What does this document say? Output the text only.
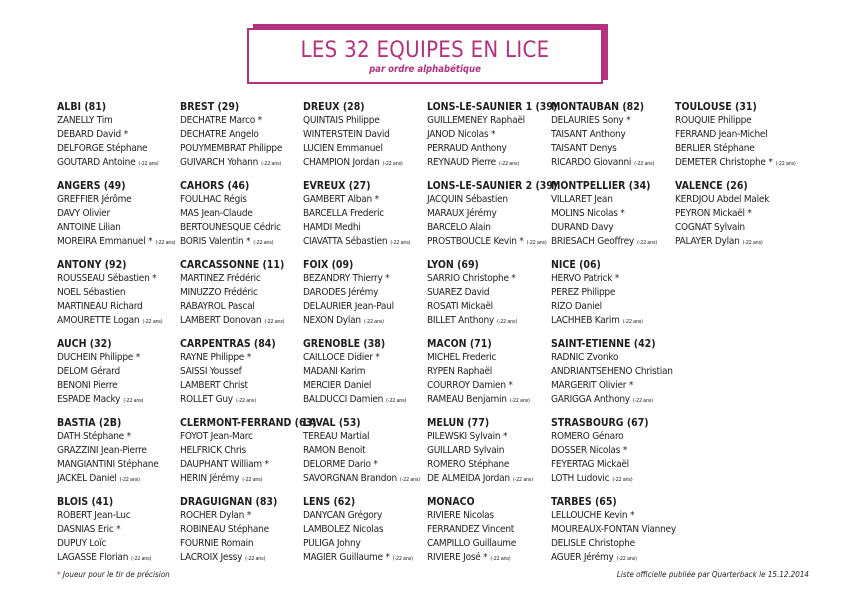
LES 32 EQUIPES EN LICE
par ordre alphabétique
ALBI (81)
ZANELLY Tim
DEBARD David *
DELFORGE Stéphane
GOUTARD Antoine (-22 ans)
ANGERS (49)
GREFFIER Jérôme
DAVY Olivier
ANTOINE Lilian
MOREIRA Emmanuel * (-22 ans)
ANTONY (92)
ROUSSEAU Sébastien *
NOEL Sébastien
MARTINEAU Richard
AMOURETTE Logan (-22 ans)
AUCH (32)
DUCHEIN Philippe *
DELOM Gérard
BENONI Pierre
ESPADE Macky (-22 ans)
BASTIA (2B)
DATH Stéphane *
GRAZZINI Jean-Pierre
MANGIANTINI Stéphane
JACKEL Daniel (-22 ans)
BLOIS (41)
ROBERT Jean-Luc
DASNIAS Eric *
DUPUY Loïc
LAGASSE Florian (-22 ans)
BREST (29)
DECHATRE Marco *
DECHATRE Angelo
POUYMEMBRAT Philippe
GUIVARCH Yohann (-22 ans)
CAHORS (46)
FOULHAC Régis
MAS Jean-Claude
BERTOUNESQUE Cédric
BORIS Valentin * (-22 ans)
CARCASSONNE (11)
MARTINEZ Frédéric
MINUZZO Frédéric
RABAYROL Pascal
LAMBERT Donovan (-22 ans)
CARPENTRAS (84)
RAYNE Philippe *
SAISSI Youssef
LAMBERT Christ
ROLLET Guy (-22 ans)
CLERMONT-FERRAND (63)
FOYOT Jean-Marc
HELFRICK Chris
DAUPHANT William *
HERIN Jérémy (-22 ans)
DRAGUIGNAN (83)
ROCHER Dylan *
ROBINEAU Stéphane
FOURNIE Romain
LACROIX Jessy (-22 ans)
DREUX (28)
QUINTAIS Philippe
WINTERSTEIN David
LUCIEN Emmanuel
CHAMPION Jordan (-22 ans)
EVREUX (27)
GAMBERT Alban *
BARCELLA Frederic
HAMDI Medhi
CIAVATTA Sébastien (-22 ans)
FOIX (09)
BEZANDRY Thierry *
DARODES Jérémy
DELAURIER Jean-Paul
NEXON Dylan (-22 ans)
GRENOBLE (38)
CAILLOCE Didier *
MADANI Karim
MERCIER Daniel
BALDUCCI Damien (-22 ans)
LAVAL (53)
TEREAU Martial
RAMON Benoit
DELORME Dario *
SAVORGNAN Brandon (-22 ans)
LENS (62)
DANYCAN Grégory
LAMBOLEZ Nicolas
PULIGA Johny
MAGIER Guillaume * (-22 ans)
LONS-LE-SAUNIER 1 (39)
GUILLEMENEY Raphaël
JANOD Nicolas *
PERRAUD Anthony
REYNAUD Pierre (-22 ans)
LONS-LE-SAUNIER 2 (39)
JACQUIN Sébastien
MARAUX Jérémy
BARCELO Alain
PROSTBOUCLE Kevin * (-22 ans)
LYON (69)
SARRIO Christophe *
SUAREZ David
ROSATI Mickaël
BILLET Anthony (-22 ans)
MACON (71)
MICHEL Frederic
RYPEN Raphaël
COURROY Damien *
RAMEAU Benjamin (-22 ans)
MELUN (77)
PILEWSKI Sylvain *
GUILLARD Sylvain
ROMERO Stéphane
DE ALMEIDA Jordan (-22 ans)
MONACO
RIVIERE Nicolas
FERRANDEZ Vincent
CAMPILLO Guillaume
RIVIERE José * (-22 ans)
MONTAUBAN (82)
DELAURIES Sony *
TAISANT Anthony
TAISANT Denys
RICARDO Giovanni (-22 ans)
MONTPELLIER (34)
VILLARET Jean
MOLINS Nicolas *
DURAND Davy
BRIESACH Geoffrey (-22 ans)
NICE (06)
HERVO Patrick *
PEREZ Philippe
RIZO Daniel
LACHHEB Karim (-22 ans)
SAINT-ETIENNE (42)
RADNIC Zvonko
ANDRIANTSEHENO Christian
MARGERIT Olivier *
GARIGGA Anthony (-22 ans)
STRASBOURG (67)
ROMERO Génaro
DOSSER Nicolas *
FEYERTAG Mickaël
LOTH Ludovic (-22 ans)
TARBES (65)
LELLOUCHE Kevin *
MOUREAUX-FONTAN Vianney
DELISLE Christophe
AGUER Jérémy (-22 ans)
TOULOUSE (31)
ROUQUIE Philippe
FERRAND Jean-Michel
BERLIER Stéphane
DEMETER Christophe * (-22 ans)
VALENCE (26)
KERDJOU Abdel Malek
PEYRON Mickaël *
COGNAT Sylvain
PALAYER Dylan (-22 ans)
* Joueur pour le tir de précision	Liste officielle publiée par Quarterback le 15.12.2014
